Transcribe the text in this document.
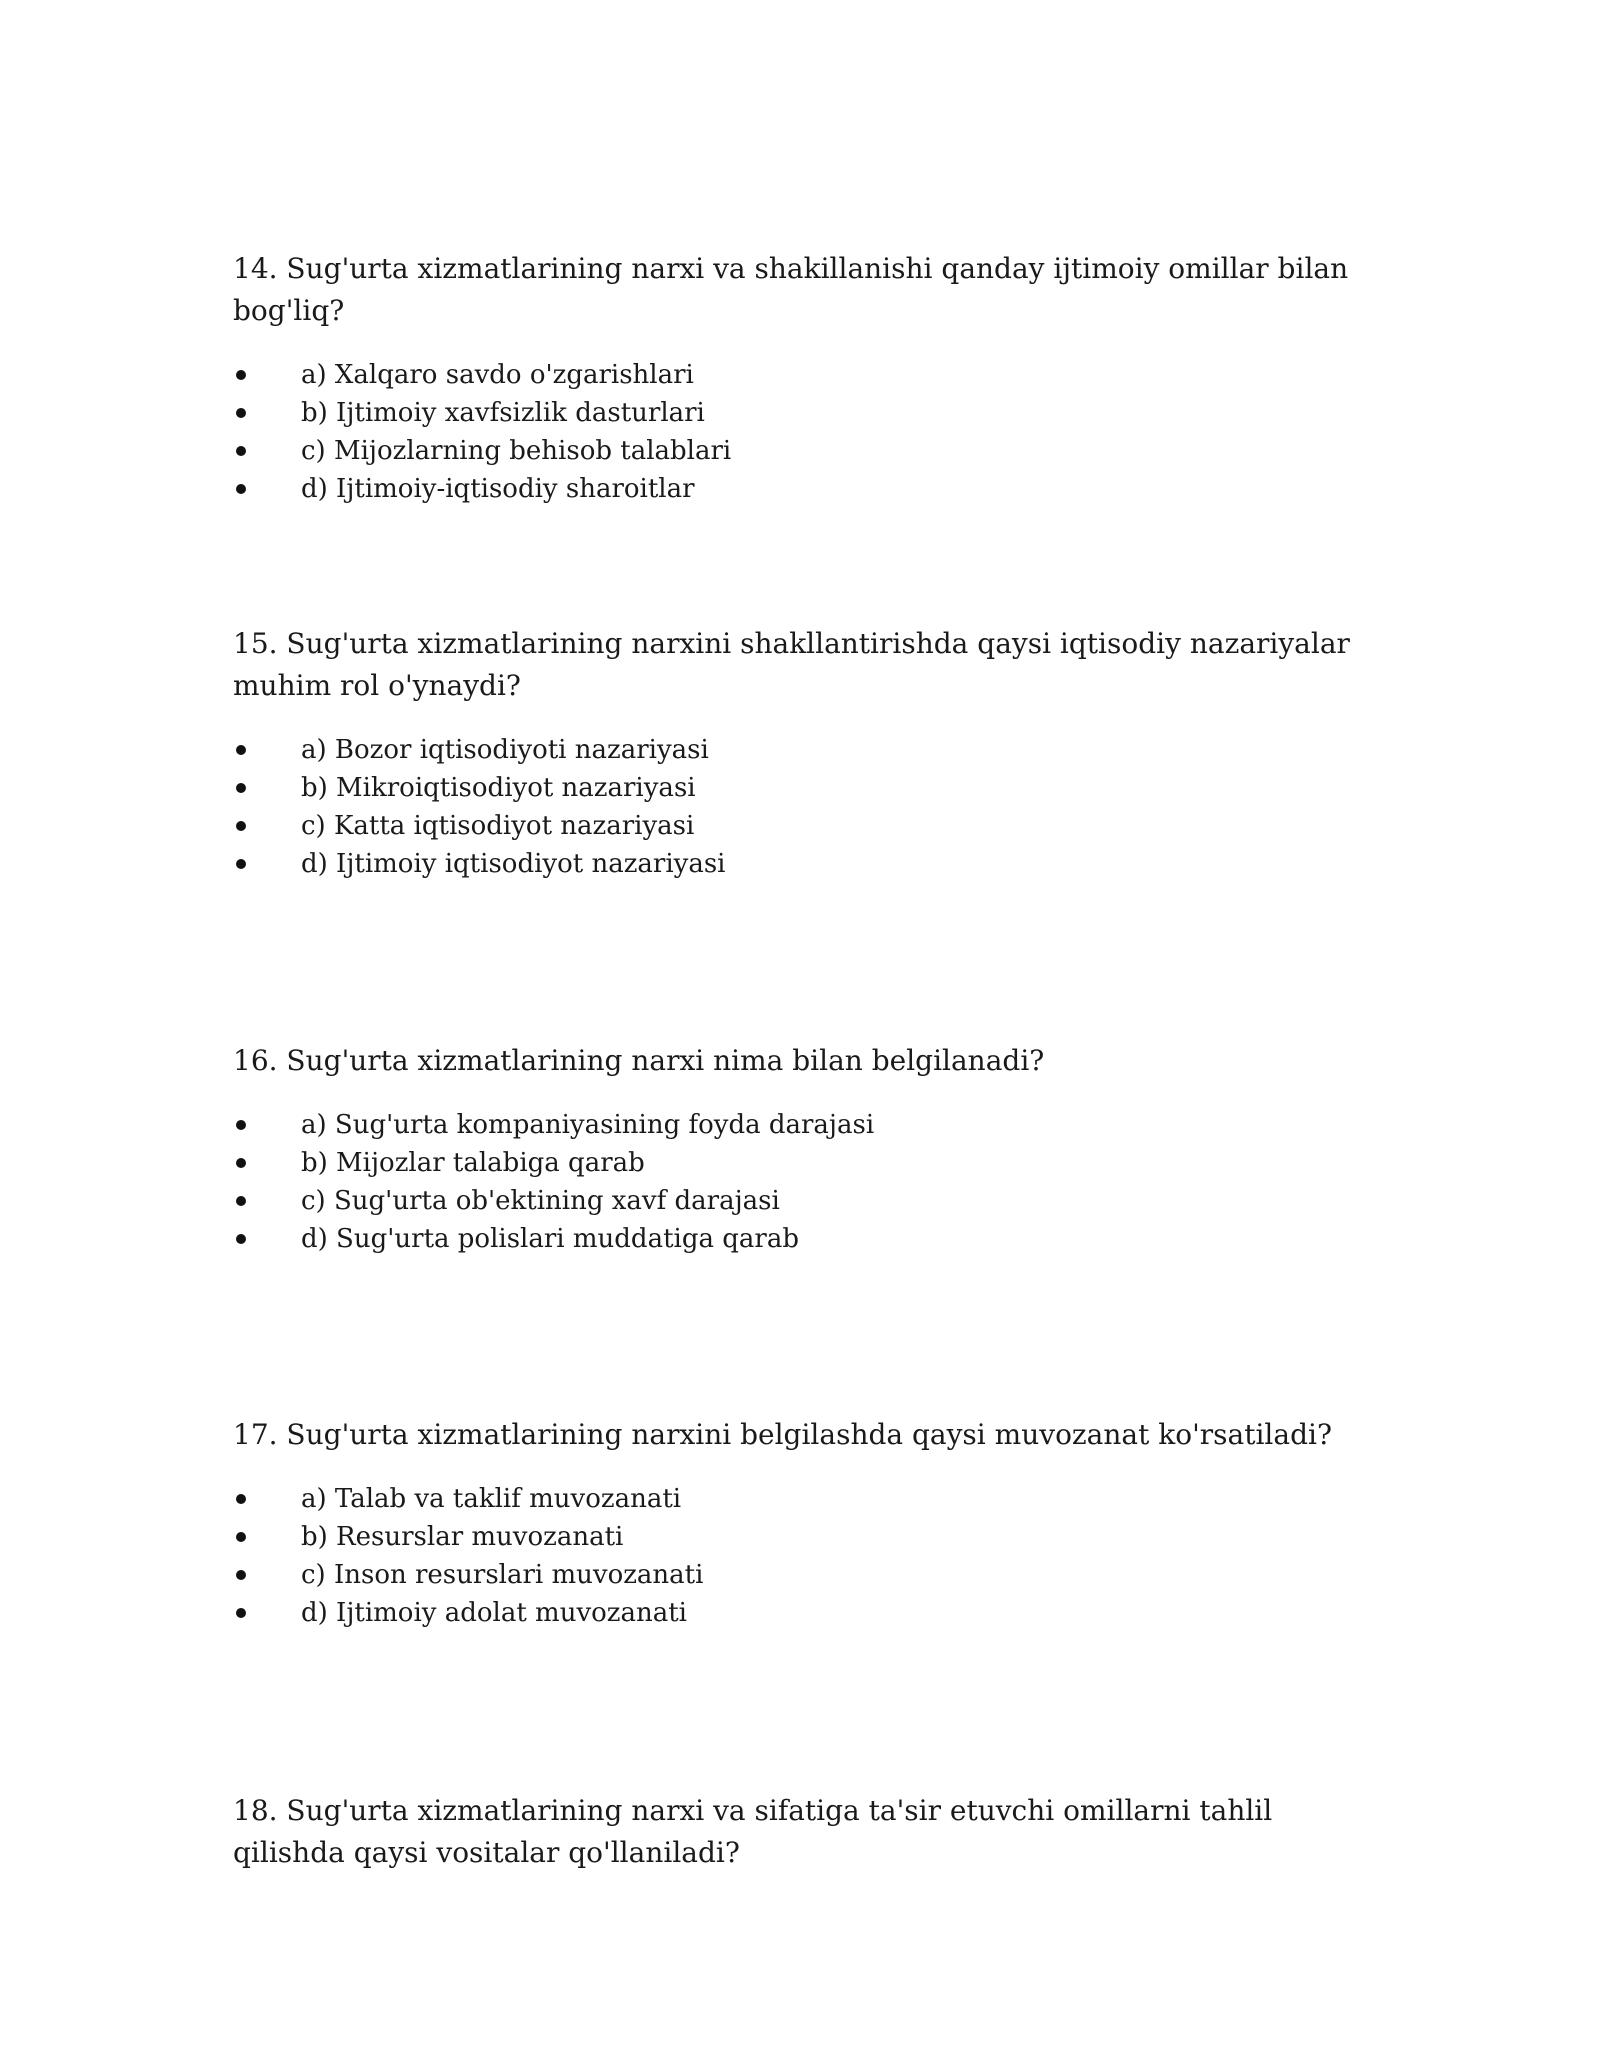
14. Sug'urta xizmatlarining narxi va shakillanishi qanday ijtimoiy omillar bilan bog'liq?

a) Xalqaro savdo o'zgarishlari
b) Ijtimoiy xavfsizlik dasturlari
c) Mijozlarning behisob talablari
d) Ijtimoiy-iqtisodiy sharoitlar

15. Sug'urta xizmatlarining narxini shakllantirishda qaysi iqtisodiy nazariyalar muhim rol o'ynaydi?

a) Bozor iqtisodiyoti nazariyasi
b) Mikroiqtisodiyot nazariyasi
c) Katta iqtisodiyot nazariyasi
d) Ijtimoiy iqtisodiyot nazariyasi

16. Sug'urta xizmatlarining narxi nima bilan belgilanadi?

a) Sug'urta kompaniyasining foyda darajasi
b) Mijozlar talabiga qarab
c) Sug'urta ob'ektining xavf darajasi
d) Sug'urta polislari muddatiga qarab

17. Sug'urta xizmatlarining narxini belgilashda qaysi muvozanat ko'rsatiladi?

a) Talab va taklif muvozanati
b) Resurslar muvozanati
c) Inson resurslari muvozanati
d) Ijtimoiy adolat muvozanati

18. Sug'urta xizmatlarining narxi va sifatiga ta'sir etuvchi omillarni tahlil qilishda qaysi vositalar qo'llaniladi?
